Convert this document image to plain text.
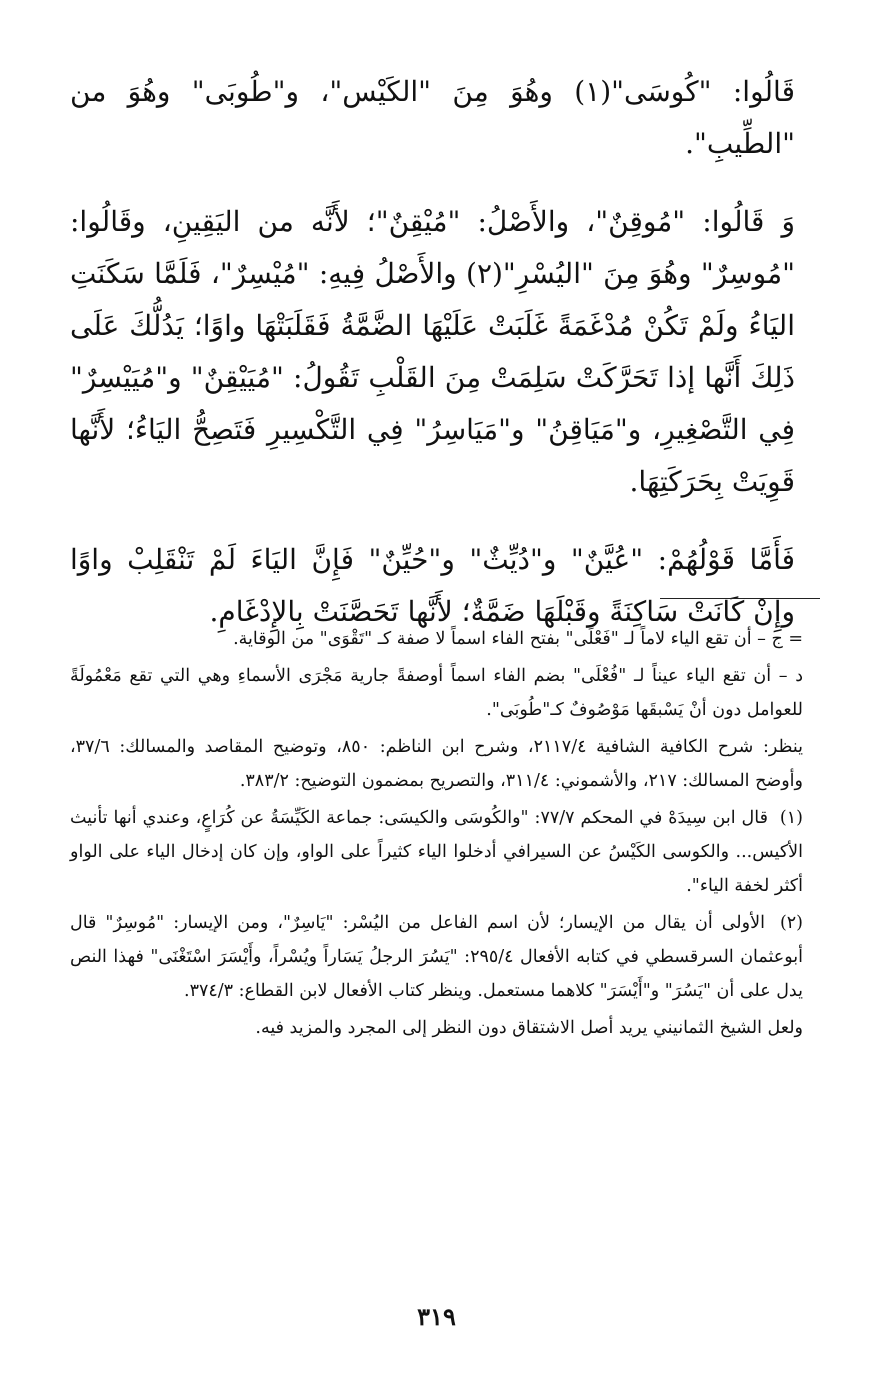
قَالُوا: "كُوسَى"(١) وهُوَ مِنَ "الكَيْس"، و"طُوبَى" وهُوَ من "الطِّيبِ".

وَ قَالُوا: "مُوقِنٌ"، والأَصْلُ: "مُيْقِنٌ"؛ لأَنَّه من اليَقِينِ، وقَالُوا: "مُوسِرٌ" وهُوَ مِنَ "اليُسْرِ"(٢) والأَصْلُ فِيهِ: "مُيْسِرٌ"، فَلَمَّا سَكَنَتِ اليَاءُ ولَمْ تَكُنْ مُدْغَمَةً غَلَبَتْ عَلَيْهَا الضَّمَّةُ فَقَلَبَتْهَا واوًا؛ يَدُلُّكَ عَلَى ذَلِكَ أَنَّها إذا تَحَرَّكَتْ سَلِمَتْ مِنَ القَلْبِ تَقُولُ: "مُيَيْقِنٌ" و"مُيَيْسِرٌ" فِي التَّصْغِيرِ، و"مَيَاقِنُ" و"مَيَاسِرُ" فِي التَّكْسِيرِ فَتَصِحُّ اليَاءُ؛ لأَنَّها قَوِيَتْ بِحَرَكَتِهَا.

فَأَمَّا قَوْلُهُمْ: "عُيَّنٌ" و"دُيِّثٌ" و"حُيِّنٌ" فَإِنَّ اليَاءَ لَمْ تَنْقَلِبْ واوًا وإِنْ كَانَتْ سَاكِنَةً وقَبْلَهَا ضَمَّةٌ؛ لأَنَّها تَحَصَّنَتْ بِالإِدْغَامِ.

= ج – أن تقع الياء لاماً لـ "فَعْلَى" بفتح الفاء اسماً لا صفة كـ "تَقْوَى" من الوقاية.

د – أن تقع الياء عيناً لـ "فُعْلَى" بضم الفاء اسماً أوصفةً جارية مَجْرَى الأسماءِ وهي التي تقع مَعْمُولَةً للعوامل دون أنْ يَسْبقَها مَوْصُوفٌ كـ"طُوبَى".

ينظر: شرح الكافية الشافية ٢١١٧/٤، وشرح ابن الناظم: ٨٥٠، وتوضيح المقاصد والمسالك: ٣٧/٦، وأوضح المسالك: ٢١٧، والأشموني: ٣١١/٤، والتصريح بمضمون التوضيح: ٣٨٣/٢.

(١) قال ابن سِيدَهْ في المحكم ٧٧/٧: "والكُوسَى والكيسَى: جماعة الكَيِّسَةُ عن كُرَاعٍ، وعندي أنها تأنيث الأكيس... والكوسى الكَيْسُ عن السيرافي أدخلوا الياء كثيراً على الواو، وإن كان إدخال الياء على الواو أكثر لخفة الياء".

(٢) الأولى أن يقال من الإيسار؛ لأن اسم الفاعل من اليُسْر: "يَاسِرٌ"، ومن الإيسار: "مُوسِرٌ" قال أبوعثمان السرقسطي في كتابه الأفعال ٢٩٥/٤: "يَسُرَ الرجلُ يَسَاراً ويُسْراً، وأَيْسَرَ اسْتَغْنَى" فهذا النص يدل على أن "يَسُرَ" و"أَيْسَرَ" كلاهما مستعمل. وينظر كتاب الأفعال لابن القطاع: ٣٧٤/٣.

ولعل الشيخ الثمانيني يريد أصل الاشتقاق دون النظر إلى المجرد والمزيد فيه.

٣١٩
